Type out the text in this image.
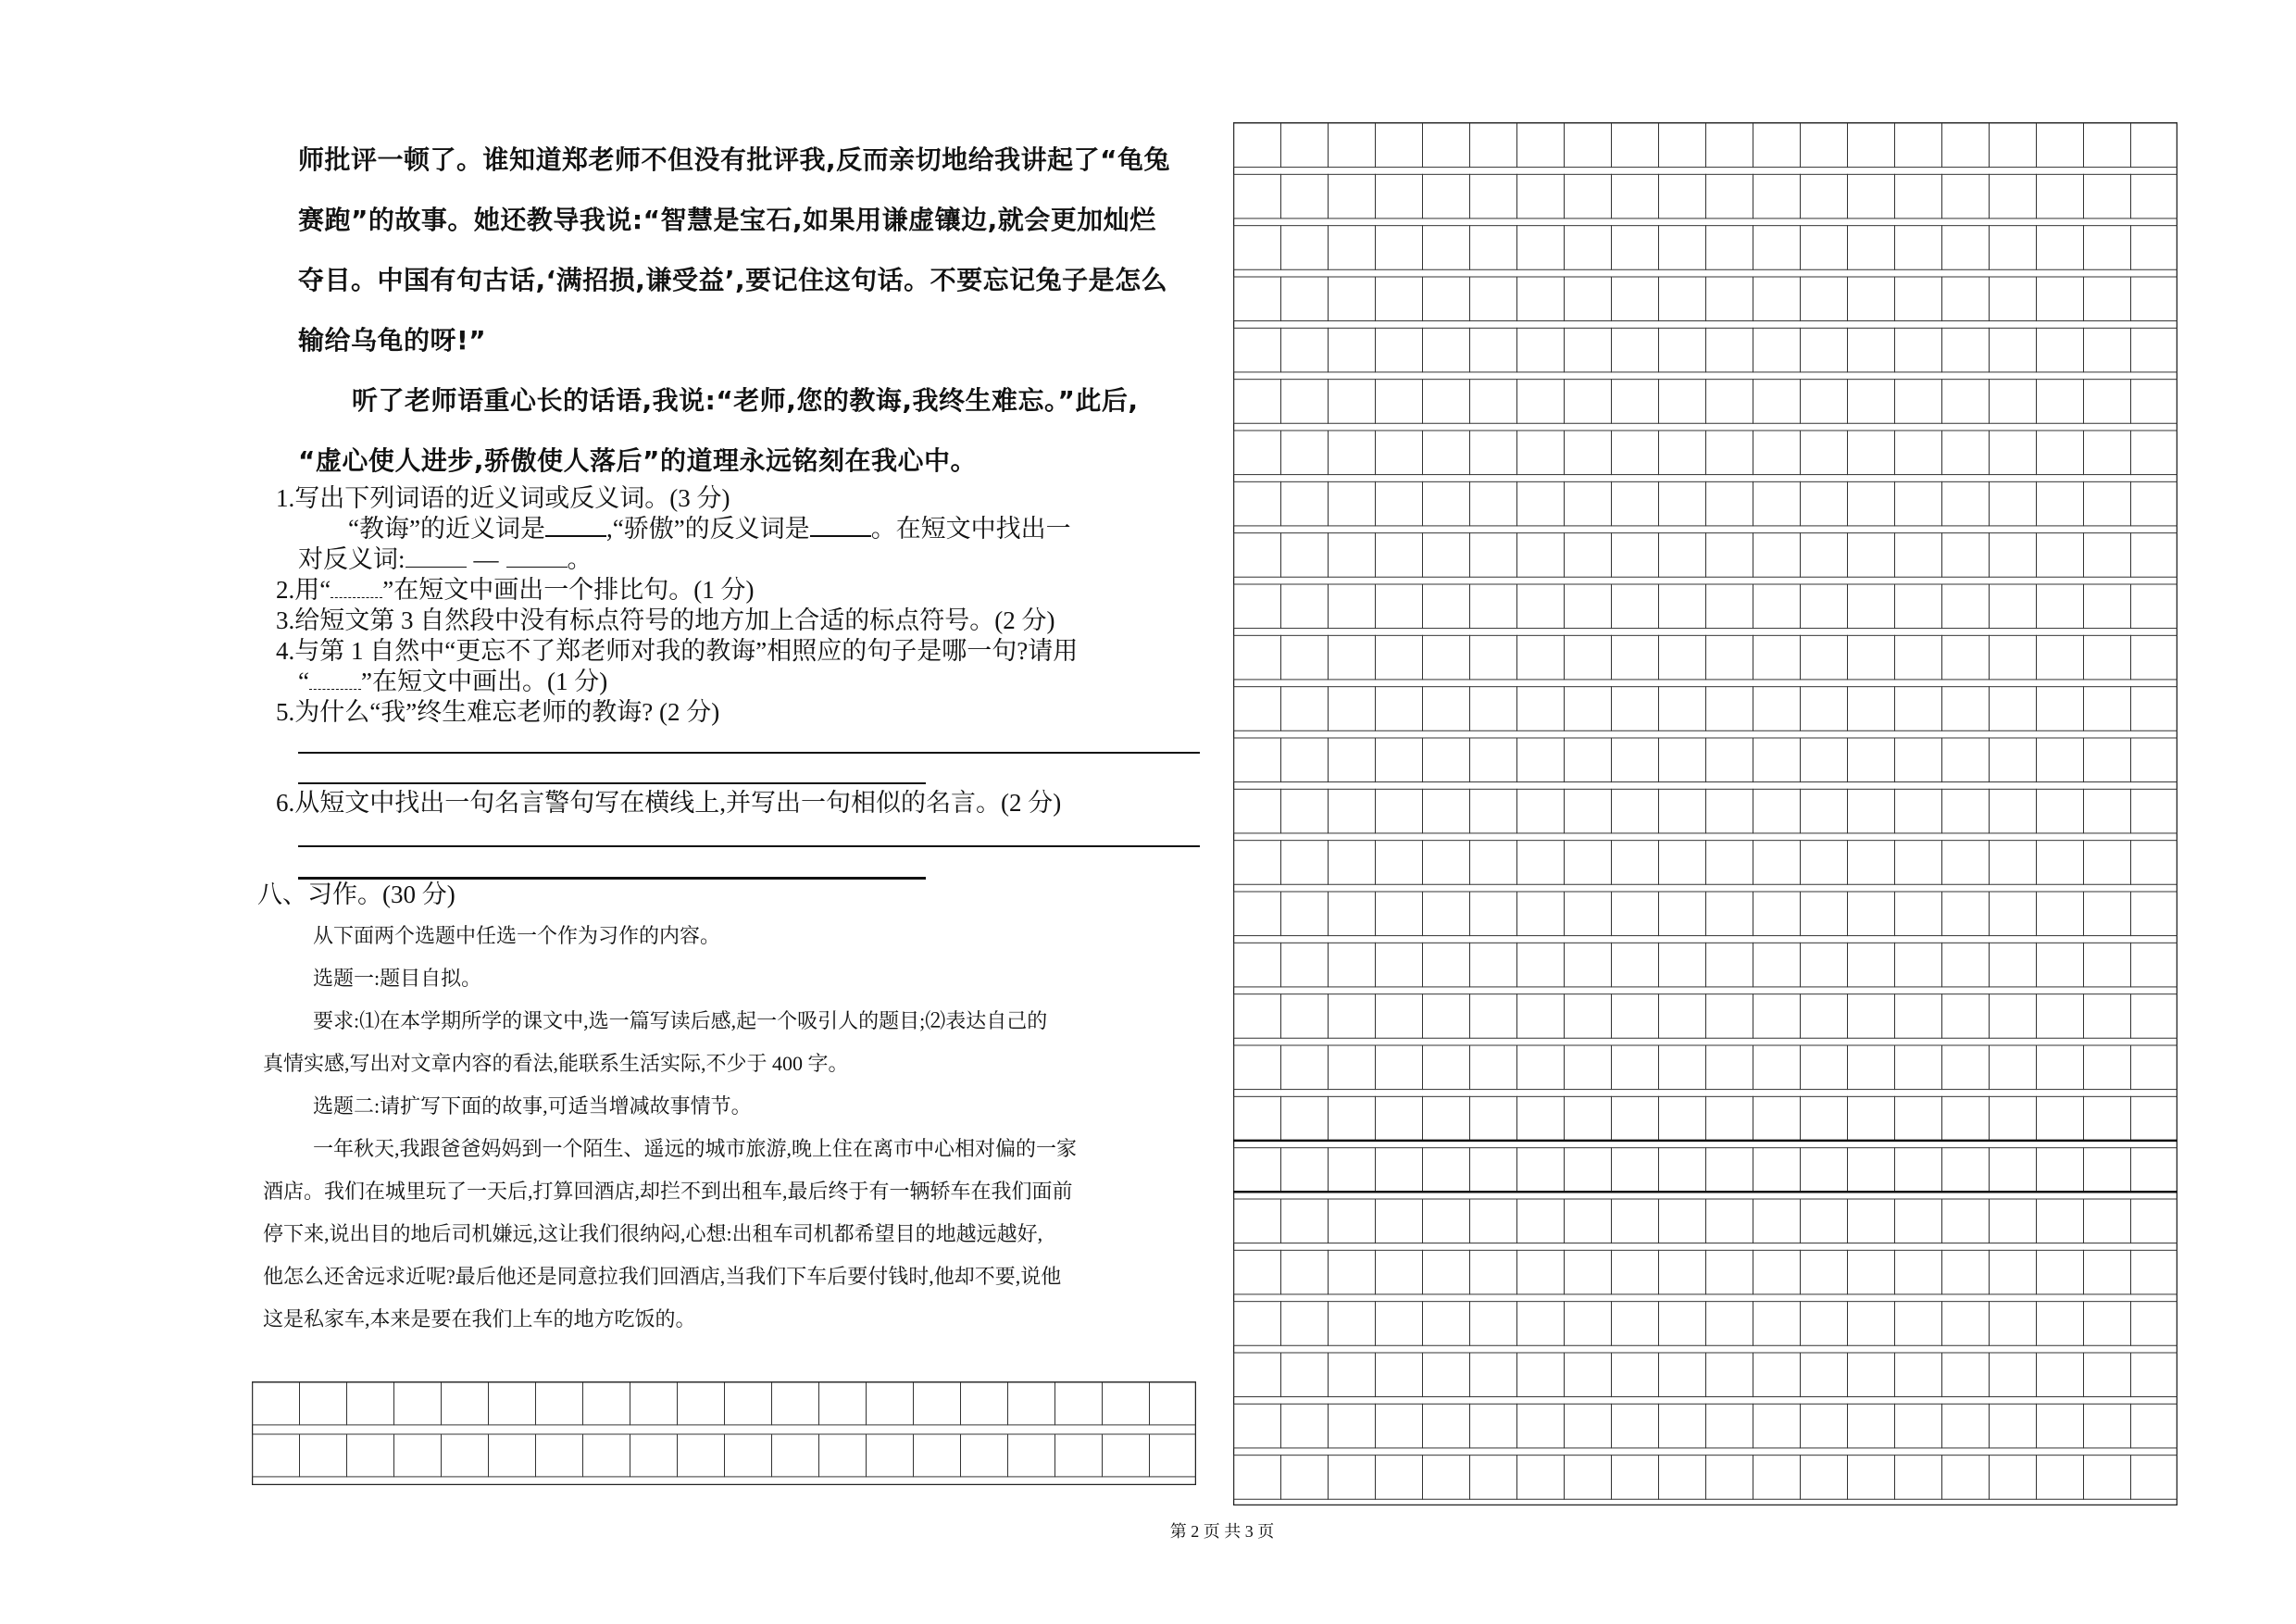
师批评一顿了。谁知道郑老师不但没有批评我,反而亲切地给我讲起了“龟兔

赛跑”的故事。她还教导我说:“智慧是宝石,如果用谦虚镶边,就会更加灿烂

夺目。中国有句古话,‘满招损,谦受益’,要记住这句话。不要忘记兔子是怎么

输给乌龟的呀!”

听了老师语重心长的话语,我说:“老师,您的教诲,我终生难忘。”此后,

“虚心使人进步,骄傲使人落后”的道理永远铭刻在我心中。

1.写出下列词语的近义词或反义词。(3 分)

“教诲”的近义词是 ,“骄傲”的反义词是 。在短文中找出一

对反义词:	—	。

2.用“ ”在短文中画出一个排比句。(1 分)

3.给短文第 3 自然段中没有标点符号的地方加上合适的标点符号。(2 分)

4.与第 1 自然中“更忘不了郑老师对我的教诲”相照应的句子是哪一句?请用

“ ”在短文中画出。(1 分)

5.为什么“我”终生难忘老师的教诲? (2 分)

6.从短文中找出一句名言警句写在横线上,并写出一句相似的名言。(2 分)

八、习作。(30 分)

从下面两个选题中任选一个作为习作的内容。

选题一:题目自拟。

要求:⑴在本学期所学的课文中,选一篇写读后感,起一个吸引人的题目;⑵表达自己的

真情实感,写出对文章内容的看法,能联系生活实际,不少于 400 字。

选题二:请扩写下面的故事,可适当增减故事情节。

一年秋天,我跟爸爸妈妈到一个陌生、遥远的城市旅游,晚上住在离市中心相对偏的一家

酒店。我们在城里玩了一天后,打算回酒店,却拦不到出租车,最后终于有一辆轿车在我们面前

停下来,说出目的地后司机嫌远,这让我们很纳闷,心想:出租车司机都希望目的地越远越好,

他怎么还舍远求近呢?最后他还是同意拉我们回酒店,当我们下车后要付钱时,他却不要,说他

这是私家车,本来是要在我们上车的地方吃饭的。

第 2 页 共 3 页
